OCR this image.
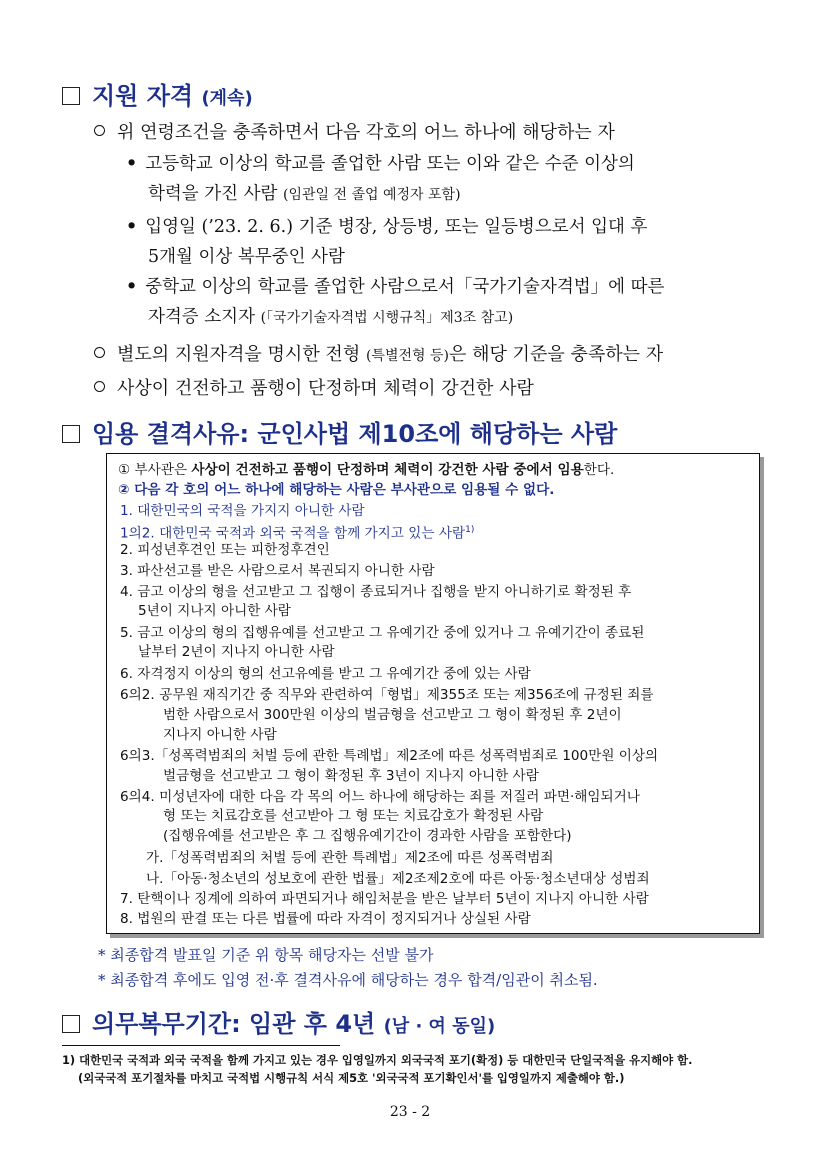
지원 자격 (계속)
위 연령조건을 충족하면서 다음 각호의 어느 하나에 해당하는 자
• 고등학교 이상의 학교를 졸업한 사람 또는 이와 같은 수준 이상의
학력을 가진 사람 (임관일 전 졸업 예정자 포함)
• 입영일 (’23. 2. 6.) 기준 병장, 상등병, 또는 일등병으로서 입대 후
5개월 이상 복무중인 사람
• 중학교 이상의 학교를 졸업한 사람으로서「국가기술자격법」에 따른
자격증 소지자 (「국가기술자격법 시행규칙」제3조 참고)
별도의 지원자격을 명시한 전형 (특별전형 등)은 해당 기준을 충족하는 자
사상이 건전하고 품행이 단정하며 체력이 강건한 사람
임용 결격사유: 군인사법 제10조에 해당하는 사람
① 부사관은 사상이 건전하고 품행이 단정하며 체력이 강건한 사람 중에서 임용한다.
② 다음 각 호의 어느 하나에 해당하는 사람은 부사관으로 임용될 수 없다.
1. 대한민국의 국적을 가지지 아니한 사람
1의2. 대한민국 국적과 외국 국적을 함께 가지고 있는 사람$^{1)}$
2. 피성년후견인 또는 피한정후견인
3. 파산선고를 받은 사람으로서 복권되지 아니한 사람
4. 금고 이상의 형을 선고받고 그 집행이 종료되거나 집행을 받지 아니하기로 확정된 후
5년이 지나지 아니한 사람
5. 금고 이상의 형의 집행유예를 선고받고 그 유예기간 중에 있거나 그 유예기간이 종료된
날부터 2년이 지나지 아니한 사람
6. 자격정지 이상의 형의 선고유예를 받고 그 유예기간 중에 있는 사람
6의2. 공무원 재직기간 중 직무와 관련하여「형법」제355조 또는 제356조에 규정된 죄를
범한 사람으로서 300만원 이상의 벌금형을 선고받고 그 형이 확정된 후 2년이
지나지 아니한 사람
6의3.「성폭력범죄의 처벌 등에 관한 특례법」제2조에 따른 성폭력범죄로 100만원 이상의
벌금형을 선고받고 그 형이 확정된 후 3년이 지나지 아니한 사람
6의4. 미성년자에 대한 다음 각 목의 어느 하나에 해당하는 죄를 저질러 파면·해임되거나
형 또는 치료감호를 선고받아 그 형 또는 치료감호가 확정된 사람
(집행유예를 선고받은 후 그 집행유예기간이 경과한 사람을 포함한다)
가.「성폭력범죄의 처벌 등에 관한 특례법」제2조에 따른 성폭력범죄
나.「아동·청소년의 성보호에 관한 법률」제2조제2호에 따른 아동·청소년대상 성범죄
7. 탄핵이나 징계에 의하여 파면되거나 해임처분을 받은 날부터 5년이 지나지 아니한 사람
8. 법원의 판결 또는 다른 법률에 따라 자격이 정지되거나 상실된 사람
* 최종합격 발표일 기준 위 항목 해당자는 선발 불가
* 최종합격 후에도 입영 전·후 결격사유에 해당하는 경우 합격/임관이 취소됨.
의무복무기간: 임관 후 4년 (남 · 여 동일)
1) 대한민국 국적과 외국 국적을 함께 가지고 있는 경우 입영일까지 외국국적 포기(확정) 등 대한민국 단일국적을 유지해야 함.
(외국국적 포기절차를 마치고 국적법 시행규칙 서식 제5호 '외국국적 포기확인서'를 입영일까지 제출해야 함.)
23 - 2
